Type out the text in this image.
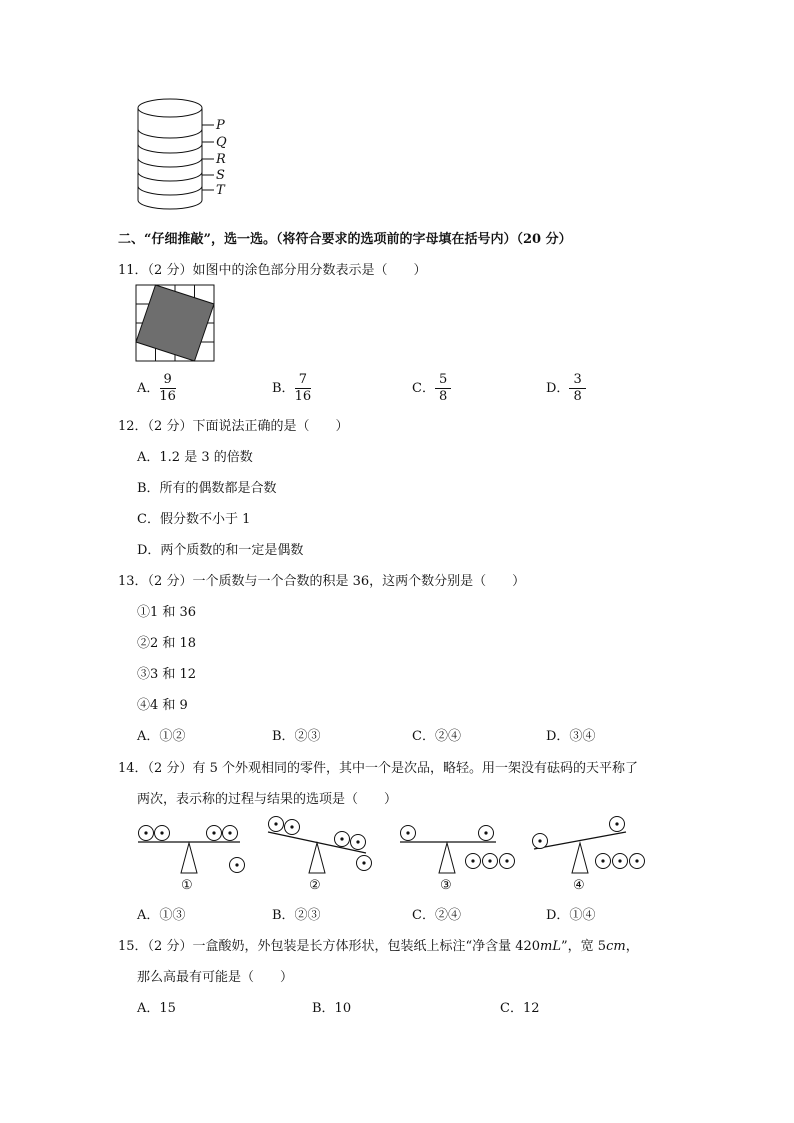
P
Q
R
S
T
二、“仔细推敲”，选一选。（将符合要求的选项前的字母填在括号内）（20 分）
11．（2 分）如图中的涂色部分用分数表示是（　　）
A． $\frac{9}{16}$	B． $\frac{7}{16}$	C． $\frac{5}{8}$	D． $\frac{3}{8}$
12．（2 分）下面说法正确的是（　　）
A．1.2 是 3 的倍数
B．所有的偶数都是合数
C．假分数不小于 1
D．两个质数的和一定是偶数
13．（2 分）一个质数与一个合数的积是 36，这两个数分别是（　　）
①1 和 36
②2 和 18
③3 和 12
④4 和 9
A．①②	B．②③	C．②④	D．③④
14．（2 分）有 5 个外观相同的零件，其中一个是次品，略轻。用一架没有砝码的天平称了
两次，表示称的过程与结果的选项是（　　）
①	②	③	④
A．①③	B．②③	C．②④	D．①④
15．（2 分）一盒酸奶，外包装是长方体形状，包装纸上标注“净含量 420mL”，宽 5cm，
那么高最有可能是（　　）
A．15	B．10	C．12
